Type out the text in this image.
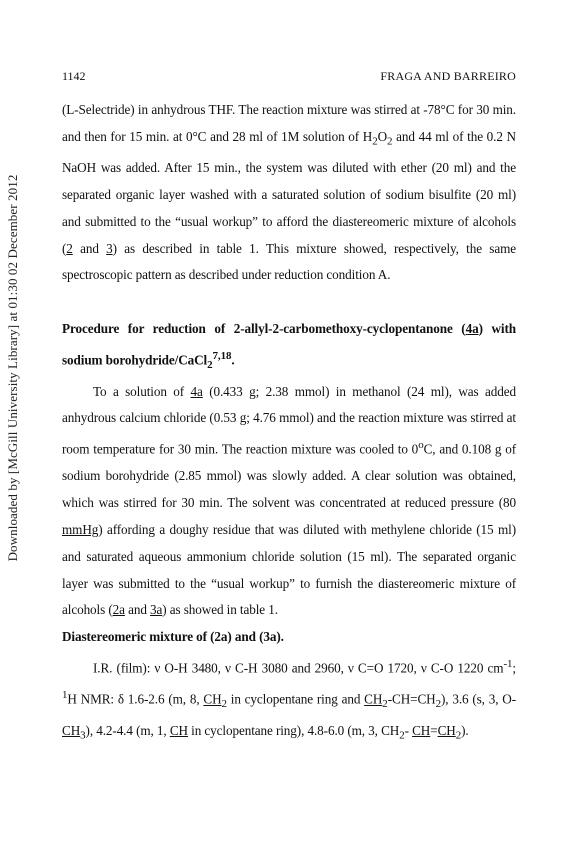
Downloaded by [McGill University Library] at 01:30 02 December 2012
1142	FRAGA AND BARREIRO

(L-Selectride) in anhydrous THF. The reaction mixture was stirred at -78°C for 30 min. and then for 15 min. at 0°C and 28 ml of 1M solution of $H_2O_2$ and 44 ml of the 0.2 N NaOH was added. After 15 min., the system was diluted with ether (20 ml) and the separated organic layer washed with a saturated solution of sodium bisulfite (20 ml) and submitted to the “usual workup” to afford the diastereomeric mixture of alcohols (2 and 3) as described in table 1. This mixture showed, respectively, the same spectroscopic pattern as described under reduction condition A.

Procedure for reduction of 2-allyl-2-carbomethoxy-cyclopentanone (4a) with sodium borohydride/CaCl$_2^{7,18}$.

To a solution of 4a (0.433 g; 2.38 mmol) in methanol (24 ml), was added anhydrous calcium chloride (0.53 g; 4.76 mmol) and the reaction mixture was stirred at room temperature for 30 min. The reaction mixture was cooled to 0$^o$C, and 0.108 g of sodium borohydride (2.85 mmol) was slowly added. A clear solution was obtained, which was stirred for 30 min. The solvent was concentrated at reduced pressure (80 mmHg) affording a doughy residue that was diluted with methylene chloride (15 ml) and saturated aqueous ammonium chloride solution (15 ml). The separated organic layer was submitted to the “usual workup” to furnish the diastereomeric mixture of alcohols (2a and 3a) as showed in table 1.

Diastereomeric mixture of (2a) and (3a).

I.R. (film): ν O-H 3480, ν C-H 3080 and 2960, ν C=O 1720, ν C-O 1220 $cm^{-1}$; $^1$H NMR: δ 1.6-2.6 (m, 8, $CH_2$ in cyclopentane ring and $CH_2-CH=CH_2$), 3.6 (s, 3, $O-CH_3$), 4.2-4.4 (m, 1, CH in cyclopentane ring), 4.8-6.0 (m, 3, $CH_2-$ $CH=CH_2$).
